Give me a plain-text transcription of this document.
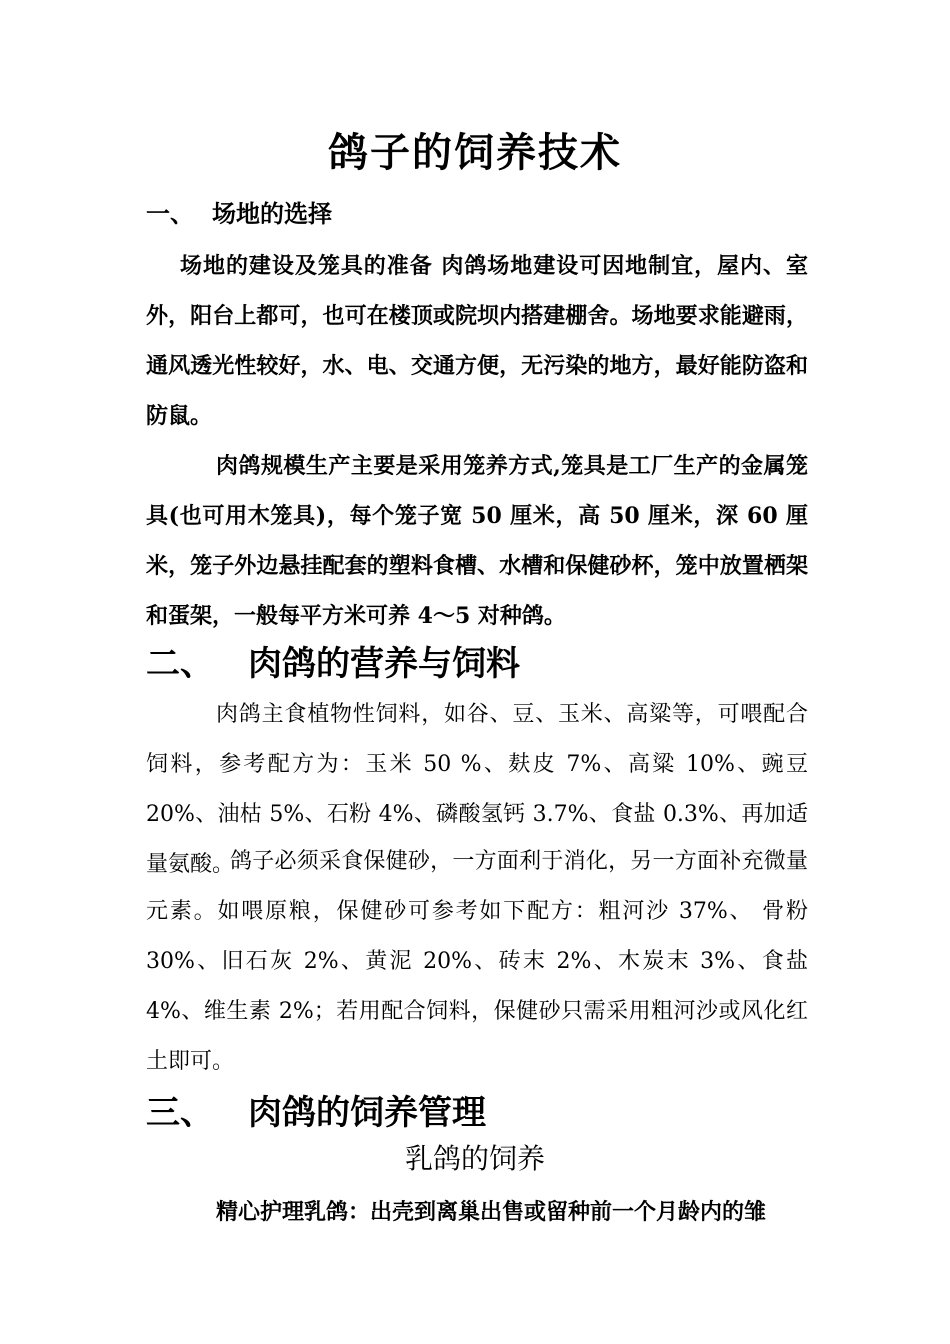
鸽子的饲养技术
一、 场地的选择
场地的建设及笼具的准备 肉鸽场地建设可因地制宜，屋内、室外，阳台上都可，也可在楼顶或院坝内搭建棚舍。场地要求能避雨，通风透光性较好，水、电、交通方便，无污染的地方，最好能防盗和防鼠。
肉鸽规模生产主要是采用笼养方式,笼具是工厂生产的金属笼具(也可用木笼具)，每个笼子宽 50 厘米，高 50 厘米，深 60 厘米，笼子外边悬挂配套的塑料食槽、水槽和保健砂杯，笼中放置栖架和蛋架，一般每平方米可养 4～5 对种鸽。
二、 肉鸽的营养与饲料
肉鸽主食植物性饲料，如谷、豆、玉米、高粱等，可喂配合饲料，参考配方为：玉米 50 %、麸皮 7%、高粱 10%、豌豆 20%、油枯 5%、石粉 4%、磷酸氢钙 3.7%、食盐 0.3%、再加适量氨酸。
鸽子必须采食保健砂，一方面利于消化，另一方面补充微量元素。如喂原粮，保健砂可参考如下配方：粗河沙 37%、 骨粉 30%、旧石灰 2%、黄泥 20%、砖末 2%、木炭末 3%、食盐 4%、维生素 2%；若用配合饲料，保健砂只需采用粗河沙或风化红土即可。
三、 肉鸽的饲养管理
乳鸽的饲养
精心护理乳鸽：出壳到离巢出售或留种前一个月龄内的雏
